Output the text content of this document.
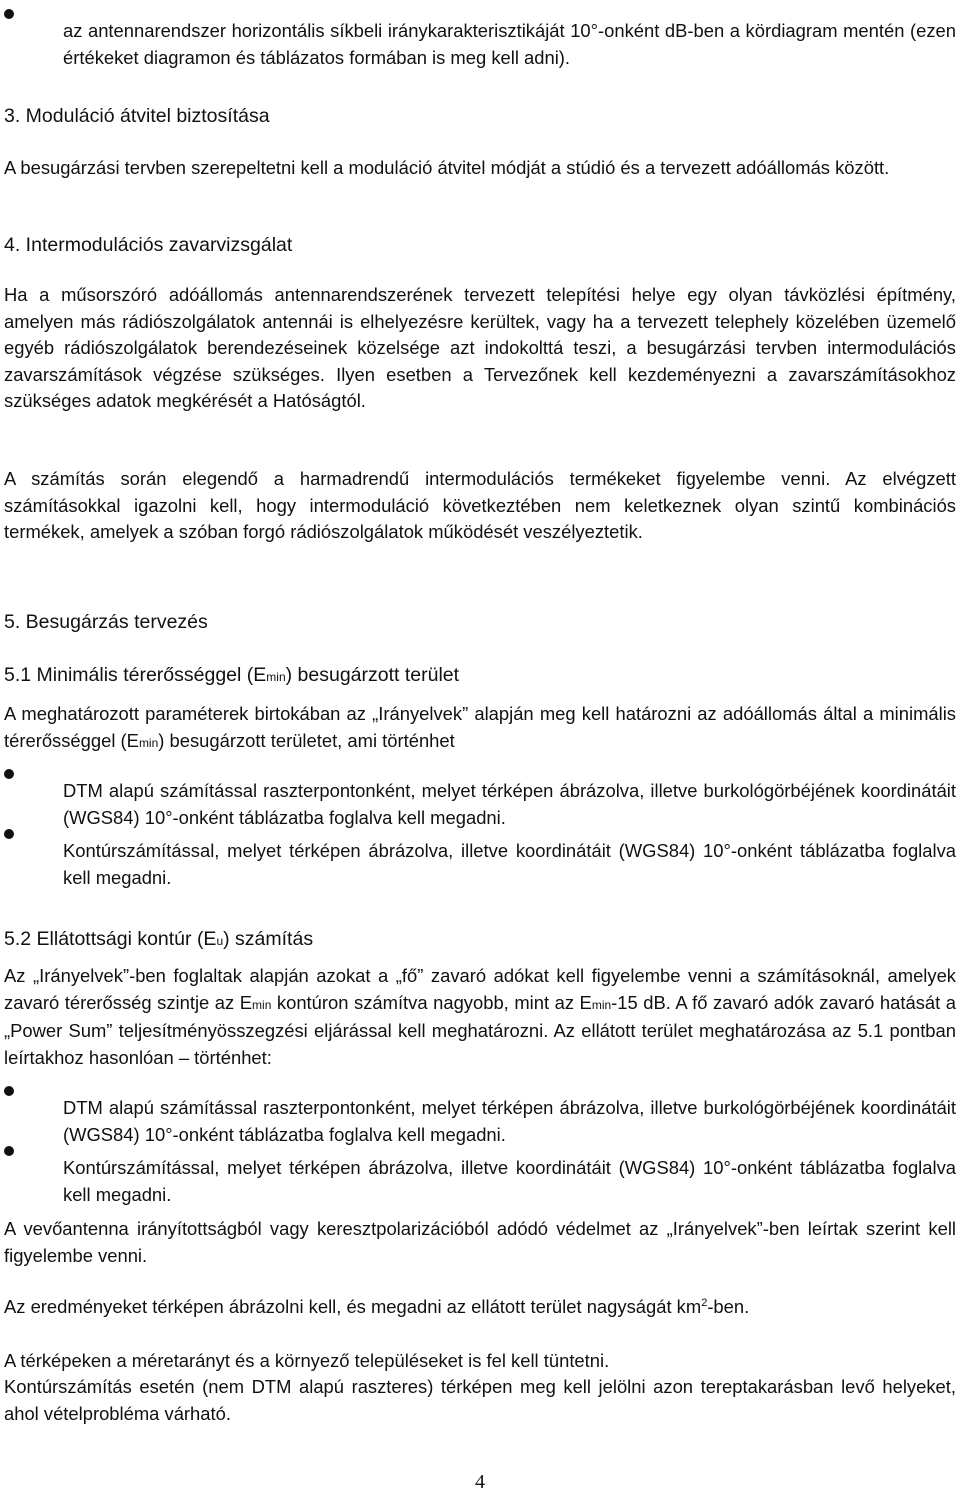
az antennarendszer horizontális síkbeli iránykarakterisztikáját 10°-onként dB-ben a kördiagram mentén (ezen értékeket diagramon és táblázatos formában is meg kell adni).

3. Moduláció átvitel biztosítása

A besugárzási tervben szerepeltetni kell a moduláció átvitel módját a stúdió és a tervezett adóállomás között.

4. Intermodulációs zavarvizsgálat

Ha a műsorszóró adóállomás antennarendszerének tervezett telepítési helye egy olyan távközlési építmény, amelyen más rádiószolgálatok antennái is elhelyezésre kerültek, vagy ha a tervezett telephely közelében üzemelő egyéb rádiószolgálatok berendezéseinek közelsége azt indokolttá teszi, a besugárzási tervben intermodulációs zavarszámítások végzése szükséges. Ilyen esetben a Tervezőnek kell kezdeményezni a zavarszámításokhoz szükséges adatok megkérését a Hatóságtól.

A számítás során elegendő a harmadrendű intermodulációs termékeket figyelembe venni. Az elvégzett számításokkal igazolni kell, hogy intermoduláció következtében nem keletkeznek olyan szintű kombinációs termékek, amelyek a szóban forgó rádiószolgálatok működését veszélyeztetik.

5. Besugárzás tervezés
5.1 Minimális térerősséggel (Emin) besugárzott terület

A meghatározott paraméterek birtokában az „Irányelvek” alapján meg kell határozni az adóállomás által a minimális térerősséggel (Emin) besugárzott területet, ami történhet

DTM alapú számítással raszterpontonként, melyet térképen ábrázolva, illetve burkológörbéjének koordinátáit (WGS84) 10°-onként táblázatba foglalva kell megadni.

Kontúrszámítással, melyet térképen ábrázolva, illetve koordinátáit (WGS84) 10°-onként táblázatba foglalva kell megadni.

5.2 Ellátottsági kontúr (Eu) számítás

Az „Irányelvek”-ben foglaltak alapján azokat a „fő” zavaró adókat kell figyelembe venni a számításoknál, amelyek zavaró térerősség szintje az Emin kontúron számítva nagyobb, mint az Emin-15 dB. A fő zavaró adók zavaró hatását a „Power Sum” teljesítményösszegzési eljárással kell meghatározni. Az ellátott terület meghatározása az 5.1 pontban leírtakhoz hasonlóan – történhet:

DTM alapú számítással raszterpontonként, melyet térképen ábrázolva, illetve burkológörbéjének koordinátáit (WGS84) 10°-onként táblázatba foglalva kell megadni.

Kontúrszámítással, melyet térképen ábrázolva, illetve koordinátáit (WGS84) 10°-onként táblázatba foglalva kell megadni.

A vevőantenna irányítottságból vagy keresztpolarizációból adódó védelmet az „Irányelvek”-ben leírtak szerint kell figyelembe venni.

Az eredményeket térképen ábrázolni kell, és megadni az ellátott terület nagyságát $km^2$-ben.

A térképeken a méretarányt és a környező településeket is fel kell tüntetni.

Kontúrszámítás esetén (nem DTM alapú raszteres) térképen meg kell jelölni azon tereptakarásban levő helyeket, ahol vételprobléma várható.

4
